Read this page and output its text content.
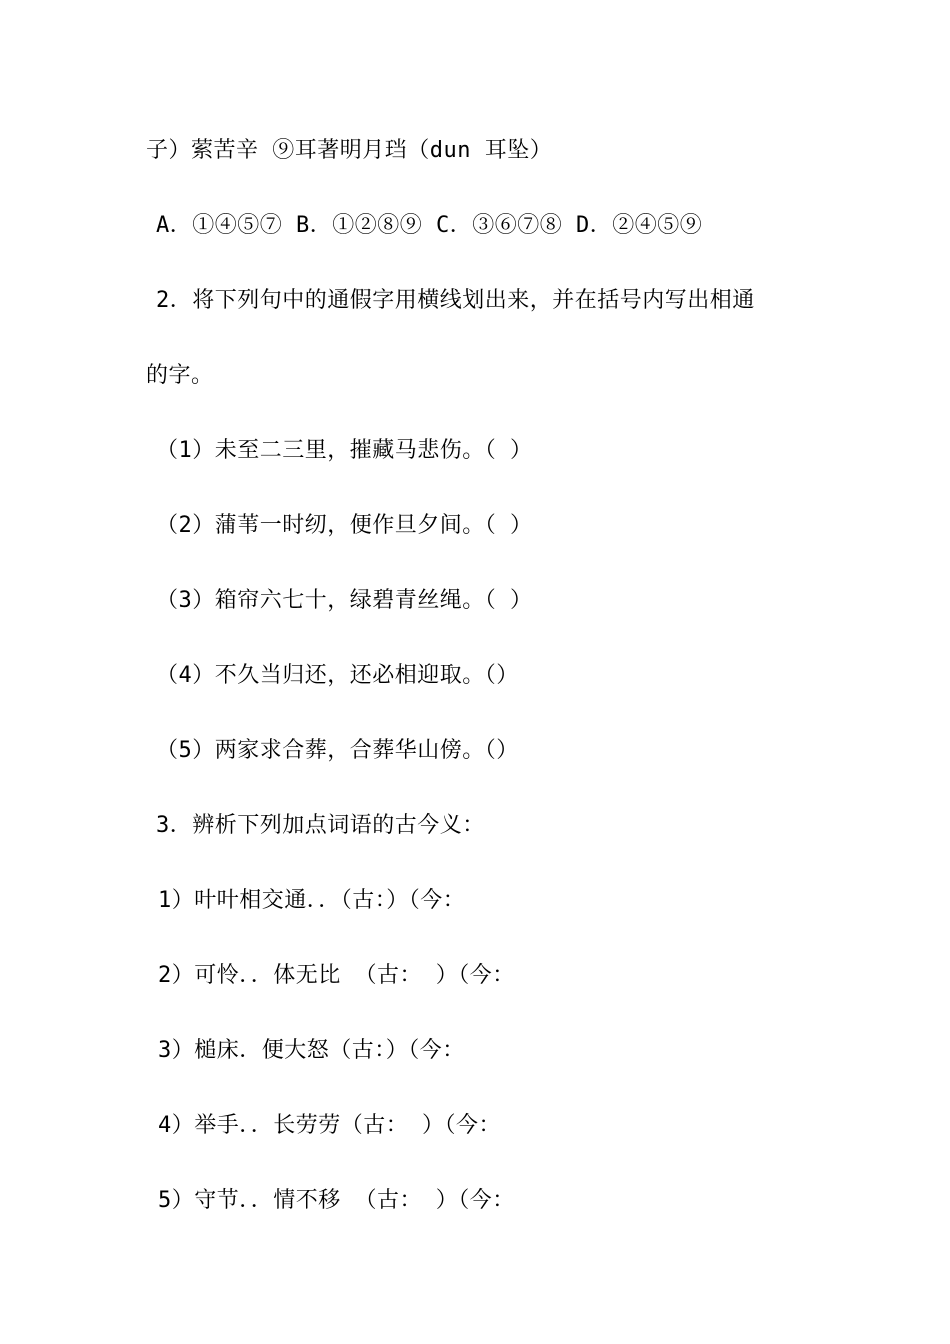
子）萦苦辛 ⑨耳著明月珰（dun 耳坠）
A．①④⑤⑦ B．①②⑧⑨ C．③⑥⑦⑧ D．②④⑤⑨
2．将下列句中的通假字用横线划出来，并在括号内写出相通
的字。
（1）未至二三里，摧藏马悲伤。（ ）
（2）蒲苇一时纫，便作旦夕间。（ ）
（3）箱帘六七十，绿碧青丝绳。（ ）
（4）不久当归还，还必相迎取。（）
（5）两家求合葬，合葬华山傍。（）
3．辨析下列加点词语的古今义：
1）叶叶相交通．．（古：）（今：
2）可怜．．体无比 （古： ）（今：
3）槌床．便大怒（古：）（今：
4）举手．．长劳劳（古： ）（今：
5）守节．．情不移 （古： ）（今：
